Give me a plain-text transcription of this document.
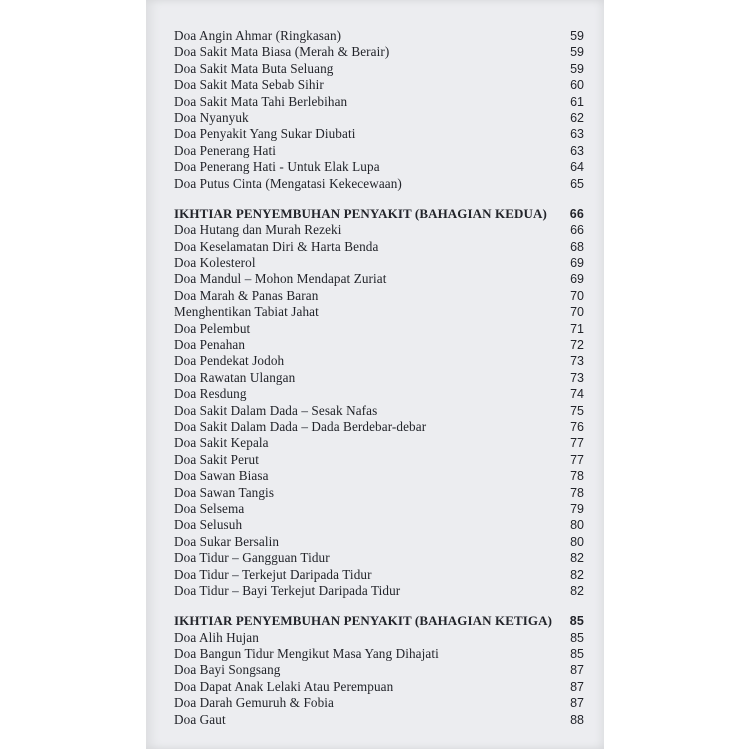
Doa Angin Ahmar (Ringkasan)	59
Doa Sakit Mata Biasa (Merah & Berair)	59
Doa Sakit Mata Buta Seluang	59
Doa Sakit Mata Sebab Sihir	60
Doa Sakit Mata Tahi Berlebihan	61
Doa Nyanyuk	62
Doa Penyakit Yang Sukar Diubati	63
Doa Penerang Hati	63
Doa Penerang Hati - Untuk Elak Lupa	64
Doa Putus Cinta (Mengatasi Kekecewaan)	65
IKHTIAR PENYEMBUHAN PENYAKIT (BAHAGIAN KEDUA)	66
Doa Hutang dan Murah Rezeki	66
Doa Keselamatan Diri & Harta Benda	68
Doa Kolesterol	69
Doa Mandul – Mohon Mendapat Zuriat	69
Doa Marah & Panas Baran	70
Menghentikan Tabiat Jahat	70
Doa Pelembut	71
Doa Penahan	72
Doa Pendekat Jodoh	73
Doa Rawatan Ulangan	73
Doa Resdung	74
Doa Sakit Dalam Dada – Sesak Nafas	75
Doa Sakit Dalam Dada – Dada Berdebar-debar	76
Doa Sakit Kepala	77
Doa Sakit Perut	77
Doa Sawan Biasa	78
Doa Sawan Tangis	78
Doa Selsema	79
Doa Selusuh	80
Doa Sukar Bersalin	80
Doa Tidur – Gangguan Tidur	82
Doa Tidur – Terkejut Daripada Tidur	82
Doa Tidur – Bayi Terkejut Daripada Tidur	82
IKHTIAR PENYEMBUHAN PENYAKIT (BAHAGIAN KETIGA)	85
Doa Alih Hujan	85
Doa Bangun Tidur Mengikut Masa Yang Dihajati	85
Doa Bayi Songsang	87
Doa Dapat Anak Lelaki Atau Perempuan	87
Doa Darah Gemuruh & Fobia	87
Doa Gaut	88
